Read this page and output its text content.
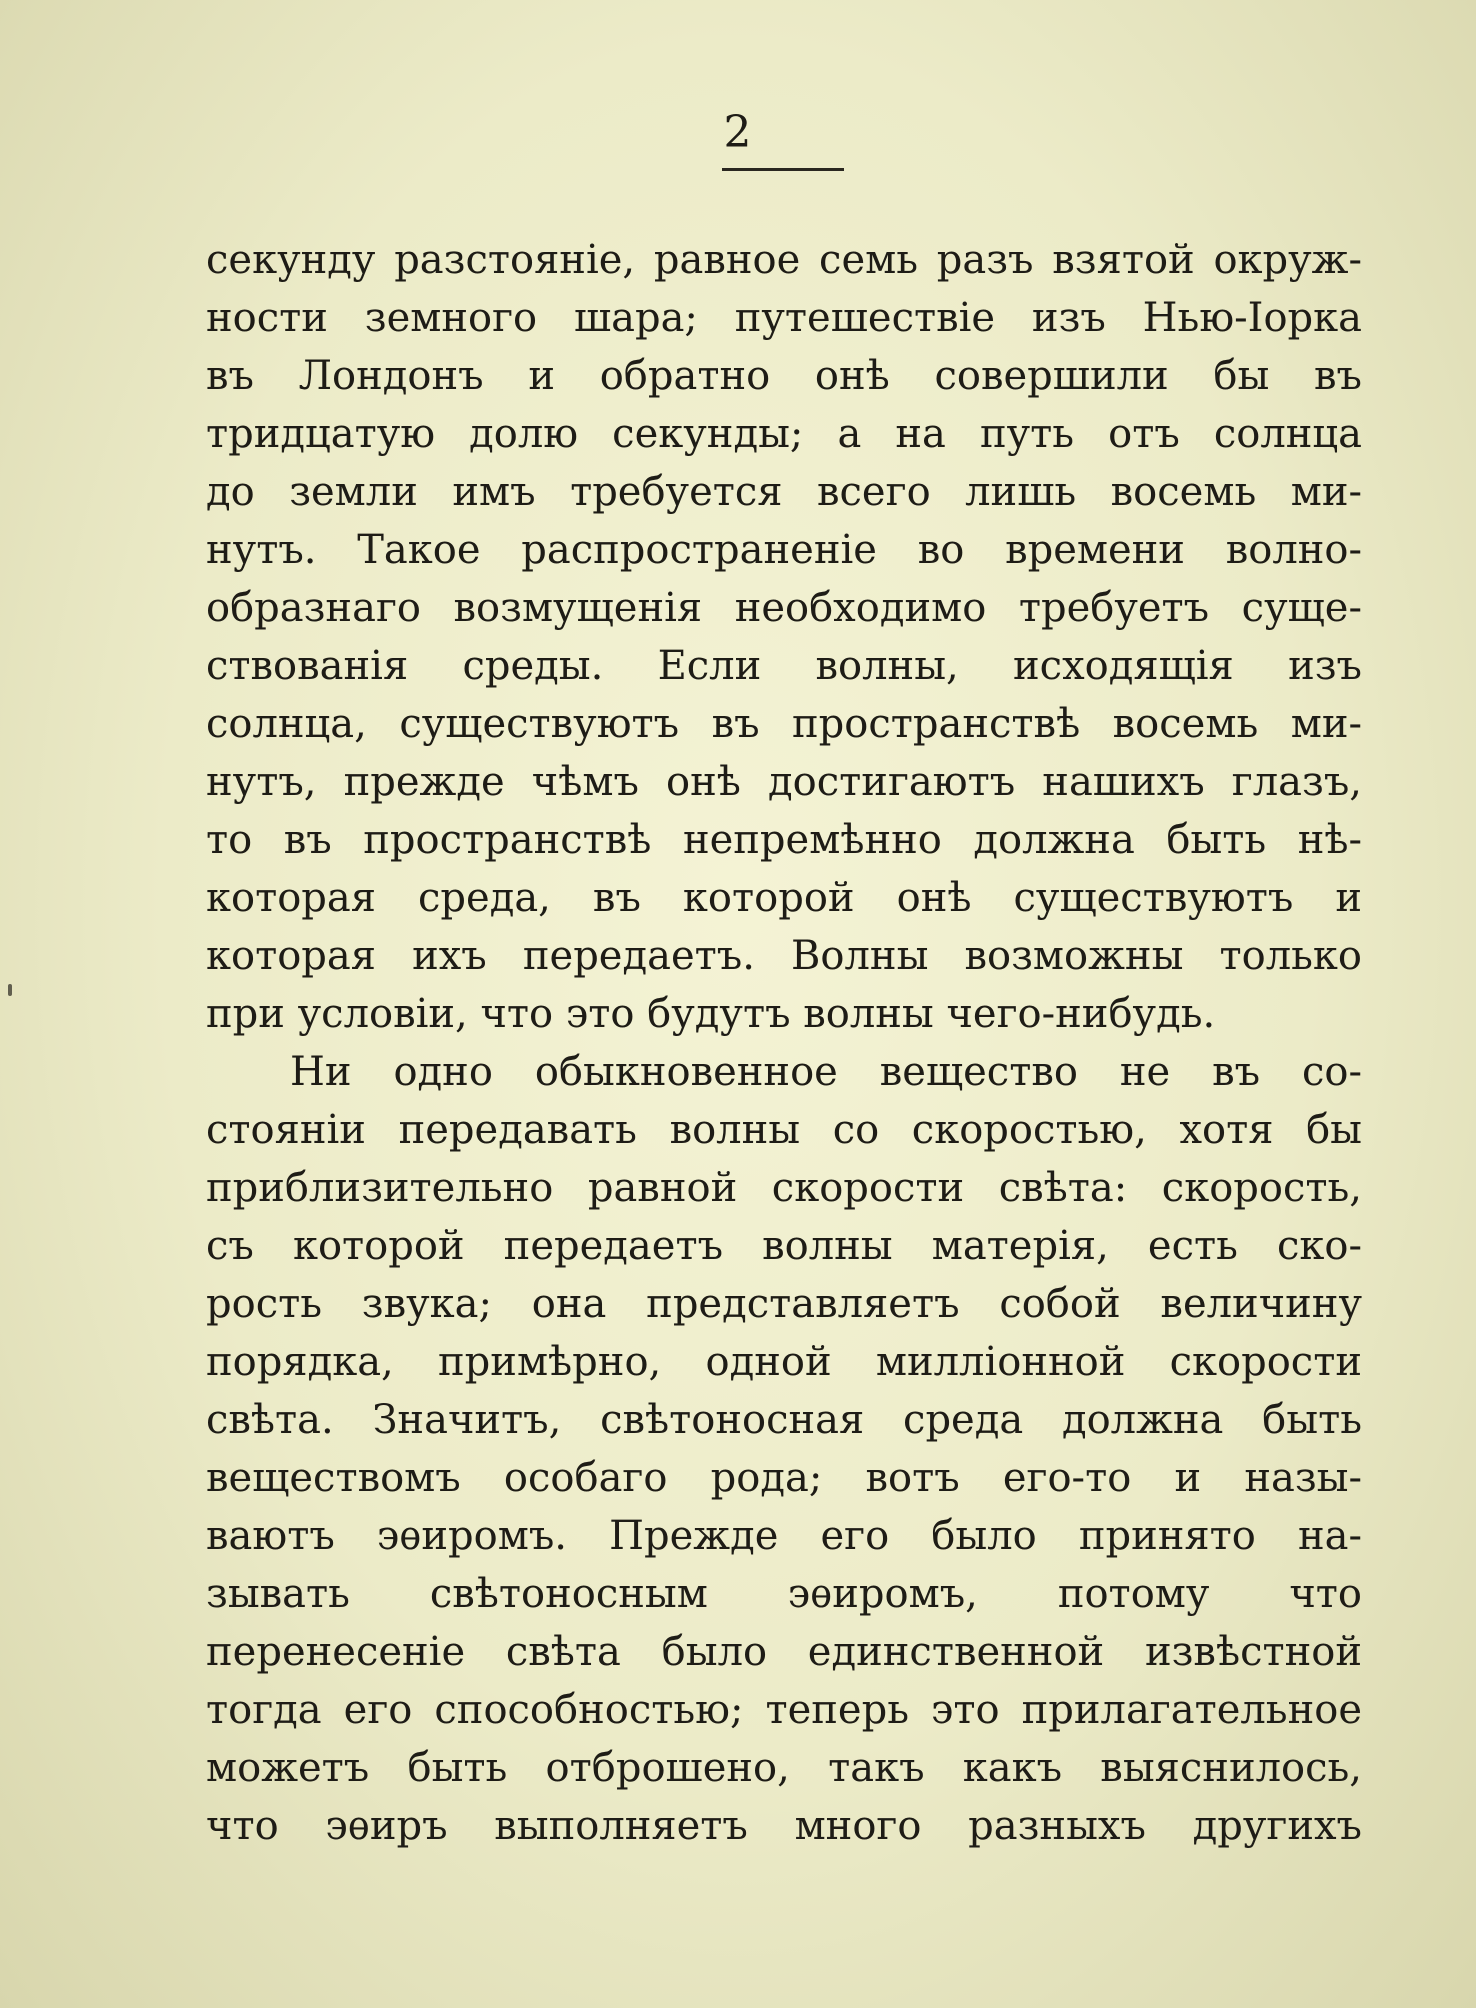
2
секунду разстояніе, равное семь разъ взятой окруж-
ности земного шара; путешествіе изъ Нью-Іорка
въ Лондонъ и обратно онѣ совершили бы въ
тридцатую долю секунды; а на путь отъ солнца
до земли имъ требуется всего лишь восемь ми-
нутъ. Такое распространеніе во времени волно-
образнаго возмущенія необходимо требуетъ суще-
ствованія среды. Если волны, исходящія изъ
солнца, существуютъ въ пространствѣ восемь ми-
нутъ, прежде чѣмъ онѣ достигаютъ нашихъ глазъ,
то въ пространствѣ непремѣнно должна быть нѣ-
которая среда, въ которой онѣ существуютъ и
которая ихъ передаетъ. Волны возможны только
при условіи, что это будутъ волны чего-нибудь.
Ни одно обыкновенное вещество не въ со-
стояніи передавать волны со скоростью, хотя бы
приблизительно равной скорости свѣта: скорость,
съ которой передаетъ волны матерія, есть ско-
рость звука; она представляетъ собой величину
порядка, примѣрно, одной милліонной скорости
свѣта. Значитъ, свѣтоносная среда должна быть
веществомъ особаго рода; вотъ его-то и назы-
ваютъ эѳиромъ. Прежде его было принято на-
зывать свѣтоносным эѳиромъ, потому что
перенесеніе свѣта было единственной извѣстной
тогда его способностью; теперь это прилагательное
можетъ быть отброшено, такъ какъ выяснилось,
что эѳиръ выполняетъ много разныхъ другихъ
